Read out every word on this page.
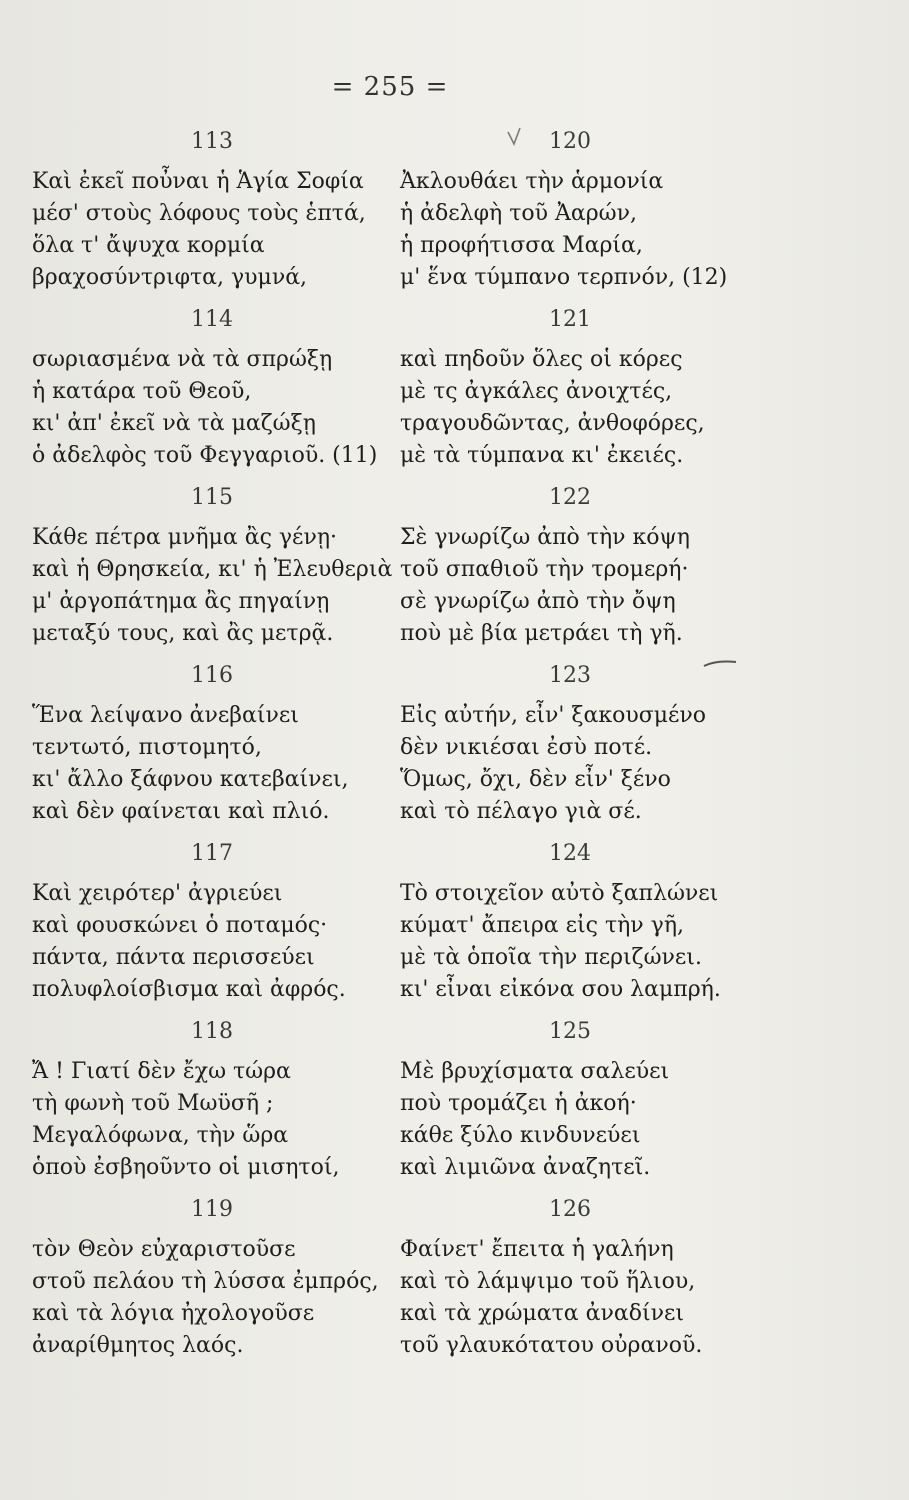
= 255 =
113
Καὶ ἐκεῖ ποὖναι ἡ Ἁγία Σοφία
μέσ' στοὺς λόφους τοὺς ἑπτά,
ὅλα τ' ἄψυχα κορμία
βραχοσύντριφτα, γυμνά,
114
σωριασμένα νὰ τὰ σπρώξῃ
ἡ κατάρα τοῦ Θεοῦ,
κι' ἀπ' ἐκεῖ νὰ τὰ μαζώξῃ
ὁ ἀδελφὸς τοῦ Φεγγαριοῦ. (11)
115
Κάθε πέτρα μνῆμα ἂς γένῃ·
καὶ ἡ Θρησκεία, κι' ἡ Ἐλευθεριὰ
μ' ἀργοπάτημα ἂς πηγαίνῃ
μεταξύ τους, καὶ ἂς μετρᾷ.
116
Ἕνα λείψανο ἀνεβαίνει
τεντωτό, πιστομητό,
κι' ἄλλο ξάφνου κατεβαίνει,
καὶ δὲν φαίνεται καὶ πλιό.
117
Καὶ χειρότερ' ἀγριεύει
καὶ φουσκώνει ὁ ποταμός·
πάντα, πάντα περισσεύει
πολυφλοίσβισμα καὶ ἀφρός.
118
Ἄ ! Γιατί δὲν ἔχω τώρα
τὴ φωνὴ τοῦ Μωϋσῆ ;
Μεγαλόφωνα, τὴν ὥρα
ὁποὺ ἐσβηοῦντο οἱ μισητοί,
119
τὸν Θεὸν εὐχαριστοῦσε
στοῦ πελάου τὴ λύσσα ἐμπρός,
καὶ τὰ λόγια ἠχολογοῦσε
ἀναρίθμητος λαός.
120
Ἀκλουθάει τὴν ἁρμονία
ἡ ἀδελφὴ τοῦ Ἀαρών,
ἡ προφήτισσα Μαρία,
μ' ἕνα τύμπανο τερπνόν, (12)
121
καὶ πηδοῦν ὅλες οἱ κόρες
μὲ τς ἀγκάλες ἀνοιχτές,
τραγουδῶντας, ἀνθοφόρες,
μὲ τὰ τύμπανα κι' ἐκειές.
122
Σὲ γνωρίζω ἀπὸ τὴν κόψη
τοῦ σπαθιοῦ τὴν τρομερή·
σὲ γνωρίζω ἀπὸ τὴν ὄψη
ποὺ μὲ βία μετράει τὴ γῆ.
123
Εἰς αὐτήν, εἶν' ξακουσμένο
δὲν νικιέσαι ἐσὺ ποτέ.
Ὅμως, ὄχι, δὲν εἶν' ξένο
καὶ τὸ πέλαγο γιὰ σέ.
124
Τὸ στοιχεῖον αὐτὸ ξαπλώνει
κύματ' ἄπειρα εἰς τὴν γῆ,
μὲ τὰ ὁποῖα τὴν περιζώνει.
κι' εἶναι εἰκόνα σου λαμπρή.
125
Μὲ βρυχίσματα σαλεύει
ποὺ τρομάζει ἡ ἀκοή·
κάθε ξύλο κινδυνεύει
καὶ λιμιῶνα ἀναζητεῖ.
126
Φαίνετ' ἔπειτα ἡ γαλήνη
καὶ τὸ λάμψιμο τοῦ ἥλιου,
καὶ τὰ χρώματα ἀναδίνει
τοῦ γλαυκότατου οὐρανοῦ.
